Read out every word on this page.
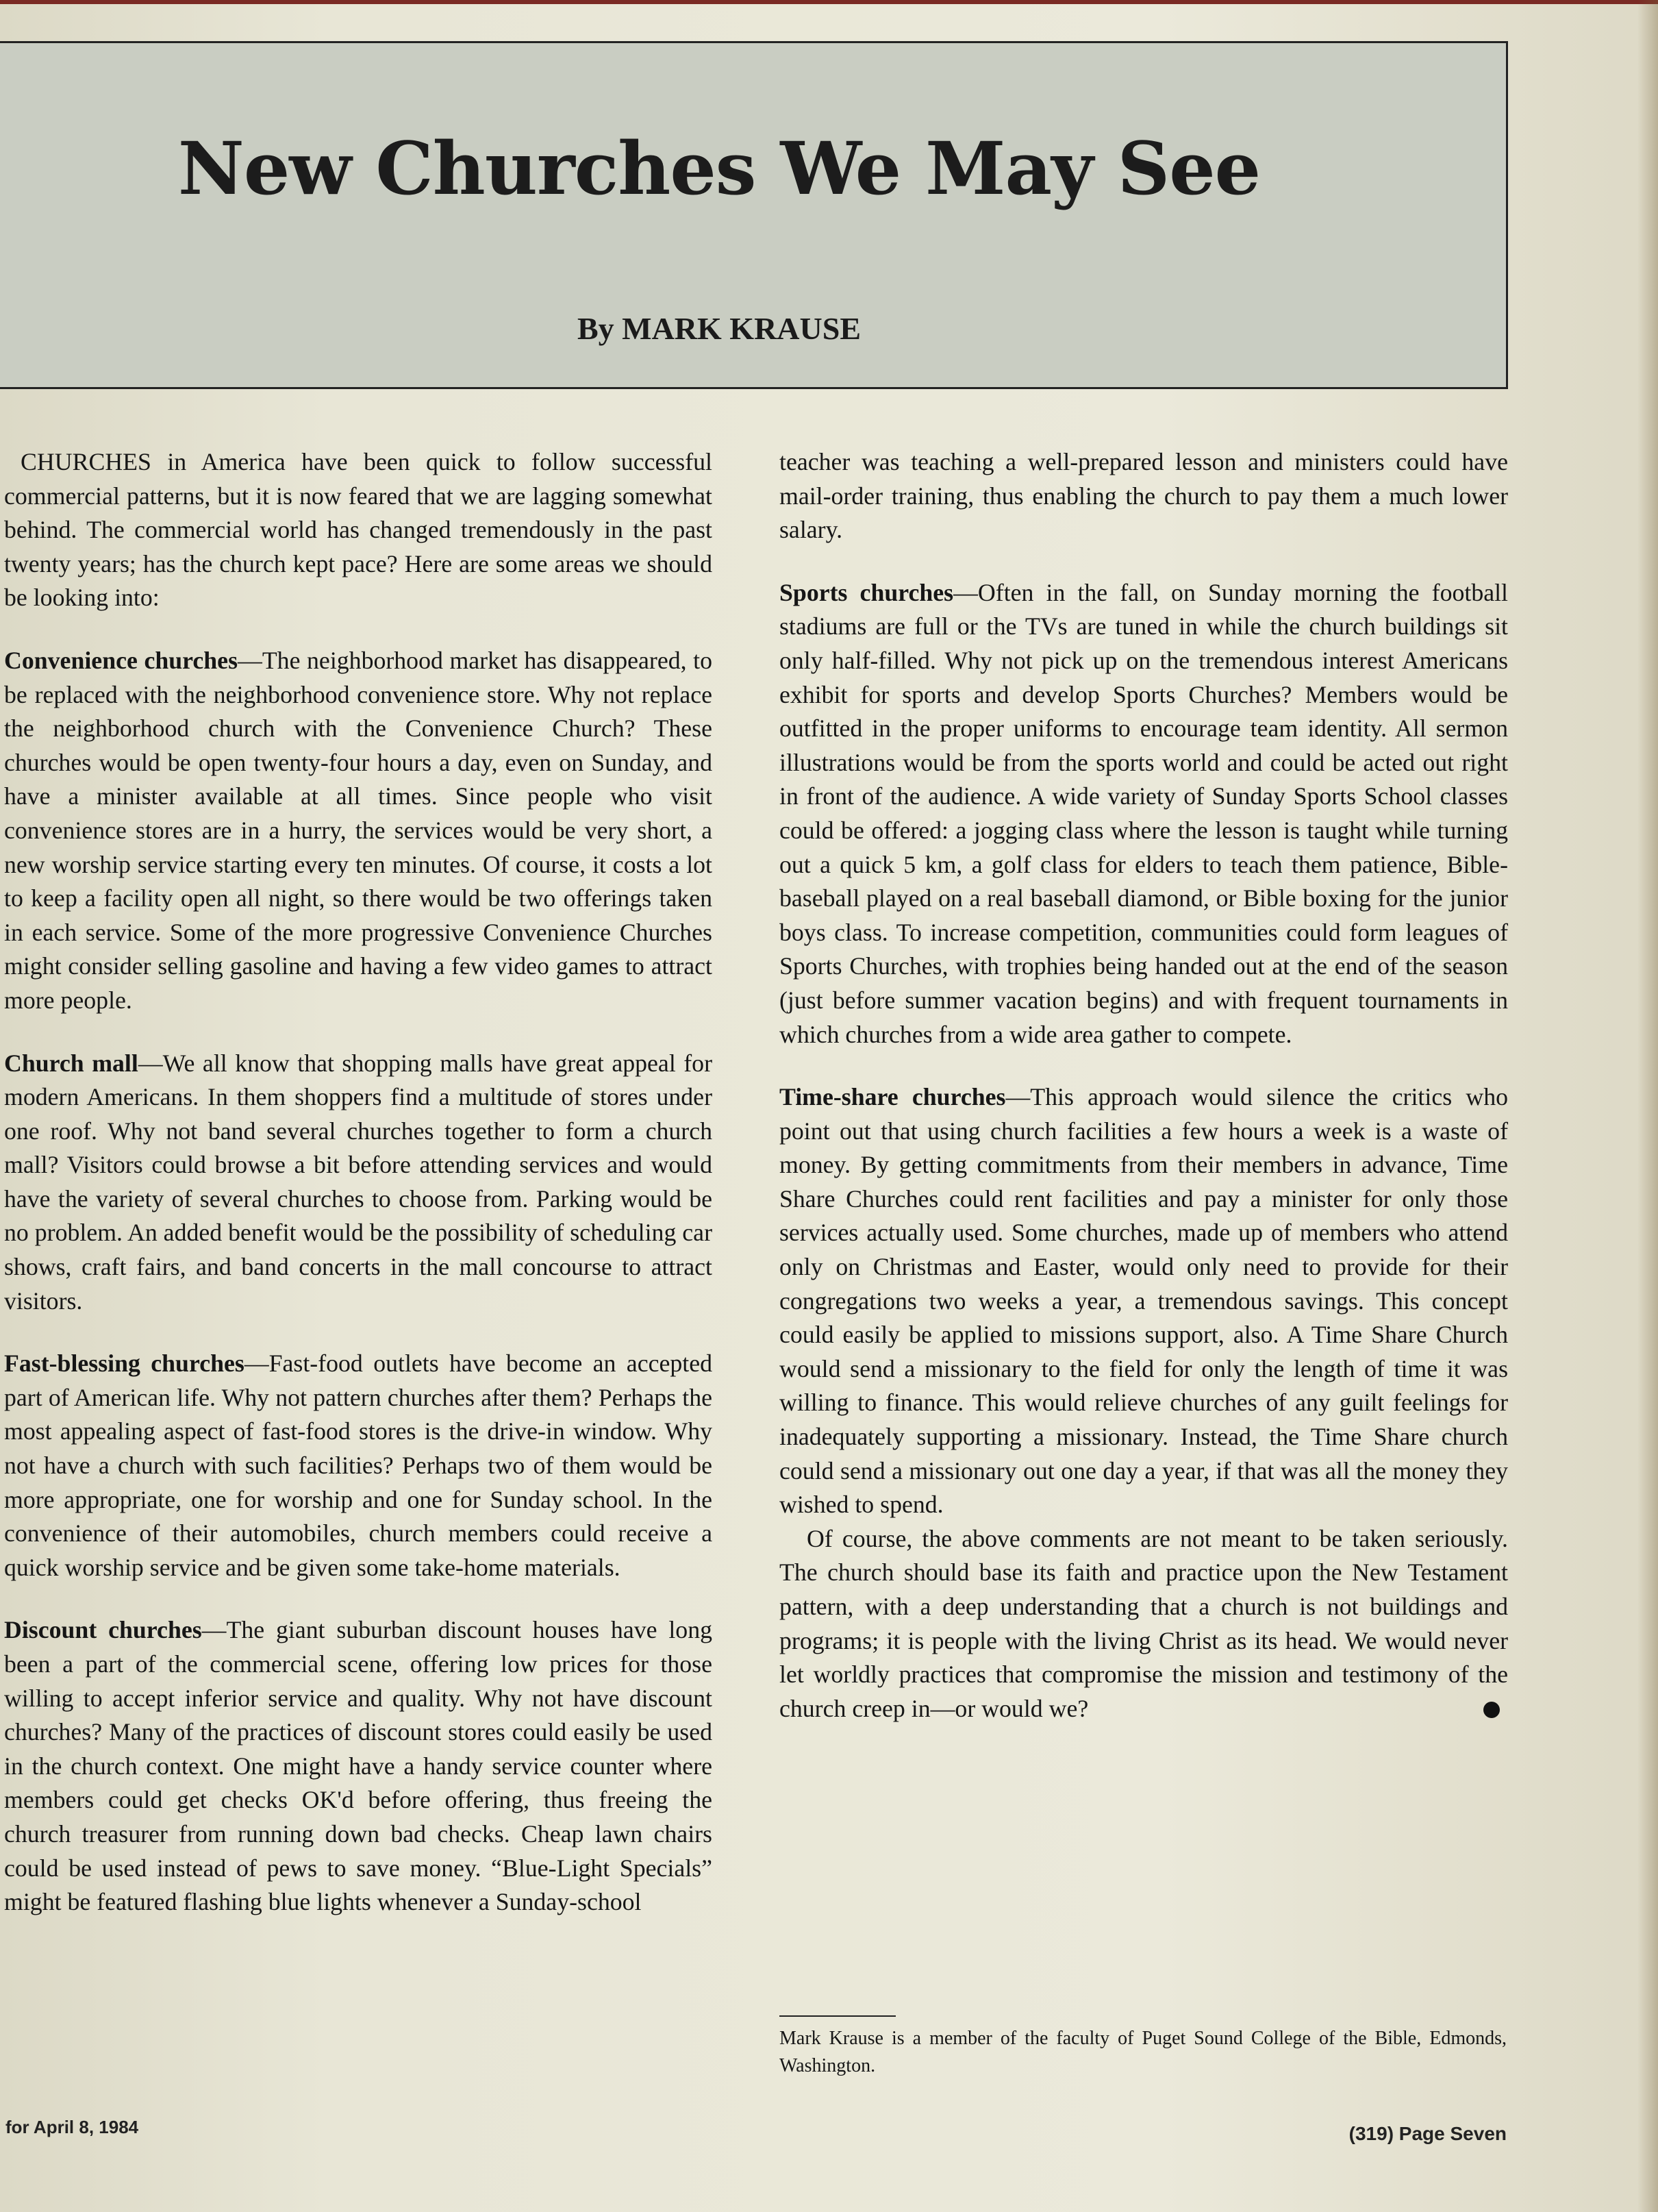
New Churches We May See
By MARK KRAUSE

CHURCHES in America have been quick to follow successful commercial patterns, but it is now feared that we are lagging somewhat behind. The commercial world has changed tremendously in the past twenty years; has the church kept pace? Here are some areas we should be looking into:

Convenience churches—The neighborhood market has disappeared, to be replaced with the neighborhood convenience store. Why not replace the neighborhood church with the Convenience Church? These churches would be open twenty-four hours a day, even on Sunday, and have a minister available at all times. Since people who visit convenience stores are in a hurry, the services would be very short, a new worship service starting every ten minutes. Of course, it costs a lot to keep a facility open all night, so there would be two offerings taken in each service. Some of the more progressive Convenience Churches might consider selling gasoline and having a few video games to attract more people.

Church mall—We all know that shopping malls have great appeal for modern Americans. In them shoppers find a multitude of stores under one roof. Why not band several churches together to form a church mall? Visitors could browse a bit before attending services and would have the variety of several churches to choose from. Parking would be no problem. An added benefit would be the possibility of scheduling car shows, craft fairs, and band concerts in the mall concourse to attract visitors.

Fast-blessing churches—Fast-food outlets have become an accepted part of American life. Why not pattern churches after them? Perhaps the most appealing aspect of fast-food stores is the drive-in window. Why not have a church with such facilities? Perhaps two of them would be more appropriate, one for worship and one for Sunday school. In the convenience of their automobiles, church members could receive a quick worship service and be given some take-home materials.

Discount churches—The giant suburban discount houses have long been a part of the commercial scene, offering low prices for those willing to accept inferior service and quality. Why not have discount churches? Many of the practices of discount stores could easily be used in the church context. One might have a handy service counter where members could get checks OK'd before offering, thus freeing the church treasurer from running down bad checks. Cheap lawn chairs could be used instead of pews to save money. “Blue-Light Specials” might be featured flashing blue lights whenever a Sunday-school

teacher was teaching a well-prepared lesson and ministers could have mail-order training, thus enabling the church to pay them a much lower salary.

Sports churches—Often in the fall, on Sunday morning the football stadiums are full or the TVs are tuned in while the church buildings sit only half-filled. Why not pick up on the tremendous interest Americans exhibit for sports and develop Sports Churches? Members would be outfitted in the proper uniforms to encourage team identity. All sermon illustrations would be from the sports world and could be acted out right in front of the audience. A wide variety of Sunday Sports School classes could be offered: a jogging class where the lesson is taught while turning out a quick 5 km, a golf class for elders to teach them patience, Bible-baseball played on a real baseball diamond, or Bible boxing for the junior boys class. To increase competition, communities could form leagues of Sports Churches, with trophies being handed out at the end of the season (just before summer vacation begins) and with frequent tournaments in which churches from a wide area gather to compete.

Time-share churches—This approach would silence the critics who point out that using church facilities a few hours a week is a waste of money. By getting commitments from their members in advance, Time Share Churches could rent facilities and pay a minister for only those services actually used. Some churches, made up of members who attend only on Christmas and Easter, would only need to provide for their congregations two weeks a year, a tremendous savings. This concept could easily be applied to missions support, also. A Time Share Church would send a missionary to the field for only the length of time it was willing to finance. This would relieve churches of any guilt feelings for inadequately supporting a missionary. Instead, the Time Share church could send a missionary out one day a year, if that was all the money they wished to spend.

Of course, the above comments are not meant to be taken seriously. The church should base its faith and practice upon the New Testament pattern, with a deep understanding that a church is not buildings and programs; it is people with the living Christ as its head. We would never let worldly practices that compromise the mission and testimony of the church creep in—or would we?

Mark Krause is a member of the faculty of Puget Sound College of the Bible, Edmonds, Washington.
for April 8, 1984	(319) Page Seven
